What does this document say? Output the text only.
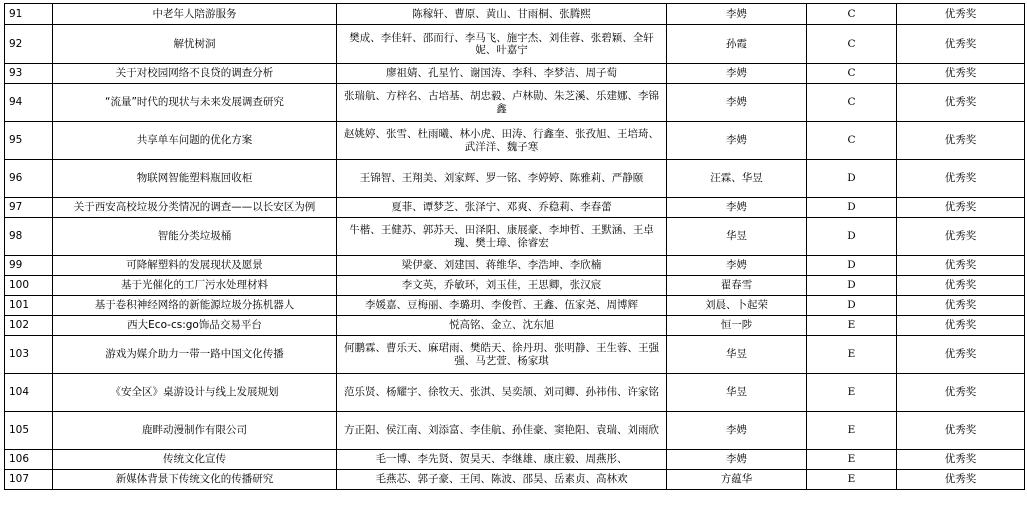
91	中老年人陪游服务	陈稼轩、曹原、黄山、甘雨桐、张腾熙	李娉	C	优秀奖
92	解忧树洞	樊成、李佳轩、邵而行、李马飞、施宇杰、刘佳蓉、张碧颖、全轩妮、叶嘉宁	孙霞	C	优秀奖
93	关于对校园网络不良贷的调查分析	廖祖婧、孔星竹、谢国涛、李科、李梦洁、周子萄	李娉	C	优秀奖
94	“流量”时代的现状与未来发展调查研究	张瑞航、方梓名、古培基、胡忠毅、卢林勋、朱芝溪、乐建娜、李锦鑫	李娉	C	优秀奖
95	共享单车问题的优化方案	赵姚婷、张雪、杜雨曦、林小虎、田涛、行鑫奎、张孜旭、王培琦、武洋洋、魏子寒	李娉	C	优秀奖
96	物联网智能塑料瓶回收柜	王锦智、王翔美、刘家辉、罗一铭、李婷婷、陈雅莉、严静颐	汪霖、华昱	D	优秀奖
97	关于西安高校垃圾分类情况的调查——以长安区为例	夏菲、谭梦芝、张泽宁、邓爽、乔稳莉、李春蕾	李娉	D	优秀奖
98	智能分类垃圾桶	牛楷、王健苏、郭苏天、田泽阳、康展豪、李坤哲、王默涵、王卓瑰、樊士璋、徐睿宏	华昱	D	优秀奖
99	可降解塑料的发展现状及愿景	梁伊豪、刘建国、蒋维华、李浩坤、李欣楠	李娉	D	优秀奖
100	基于光催化的工厂污水处理材料	李文英，乔敏环，刘玉佳，王思卿，张汉宸	翟春雪	D	优秀奖
101	基于卷积神经网络的新能源垃圾分拣机器人	李媛嘉、豆梅丽、李璐玥、李俊哲、王鑫、伍家尧、周博辉	刘晨、卜起荣	D	优秀奖
102	西大Eco-cs:go饰品交易平台	悦高铭、金立、沈东旭	恒一陟	E	优秀奖
103	游戏为媒介助力一带一路中国文化传播	何鹏霖、曹乐天、麻珺雨、樊皓天、徐丹玥、张明静、王生蓉、王强强、马艺萱、杨家琪	华昱	E	优秀奖
104	《安全区》桌游设计与线上发展规划	范乐贤、杨耀宇、徐牧天、张淇、吴奕颉、刘司卿、孙祎伟、许家铭	华昱	E	优秀奖
105	鹿畔动漫制作有限公司	方正阳、侯江南、刘添富、李佳航、孙佳豪、窦艳阳、袁瑞、刘雨欣	李娉	E	优秀奖
106	传统文化宣传	毛一博、李先贤、贺昊天、李继雄、康庄毅、周燕彤、	李娉	E	优秀奖
107	新媒体背景下传统文化的传播研究	毛燕芯、郭子豪、王闰、陈波、邵昊、岳素贞、高林欢	方蕴华	E	优秀奖
